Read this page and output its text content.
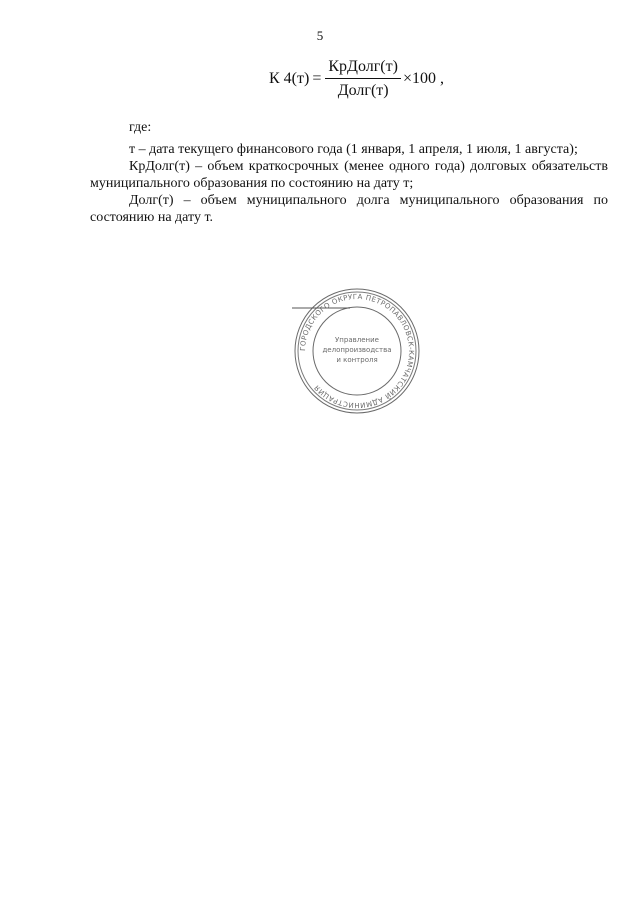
5
К $4(т) = \frac{\text{КрДолг(т)}}{\text{Долг(т)}} \times 100$ ,

где:

т – дата текущего финансового года (1 января, 1 апреля, 1 июля, 1 августа);

КрДолг(т) – объем краткосрочных (менее одного года) долговых обязательств муниципального образования по состоянию на дату т;

Долг(т) – объем муниципального долга муниципального образования по состоянию на дату т.

ГОРОДСКОГО ОКРУГА ПЕТРОПАВЛОВСК-КАМЧАТСКИЙ АДМИНИСТРАЦИЯ
Управление
делопроизводства
и контроля
